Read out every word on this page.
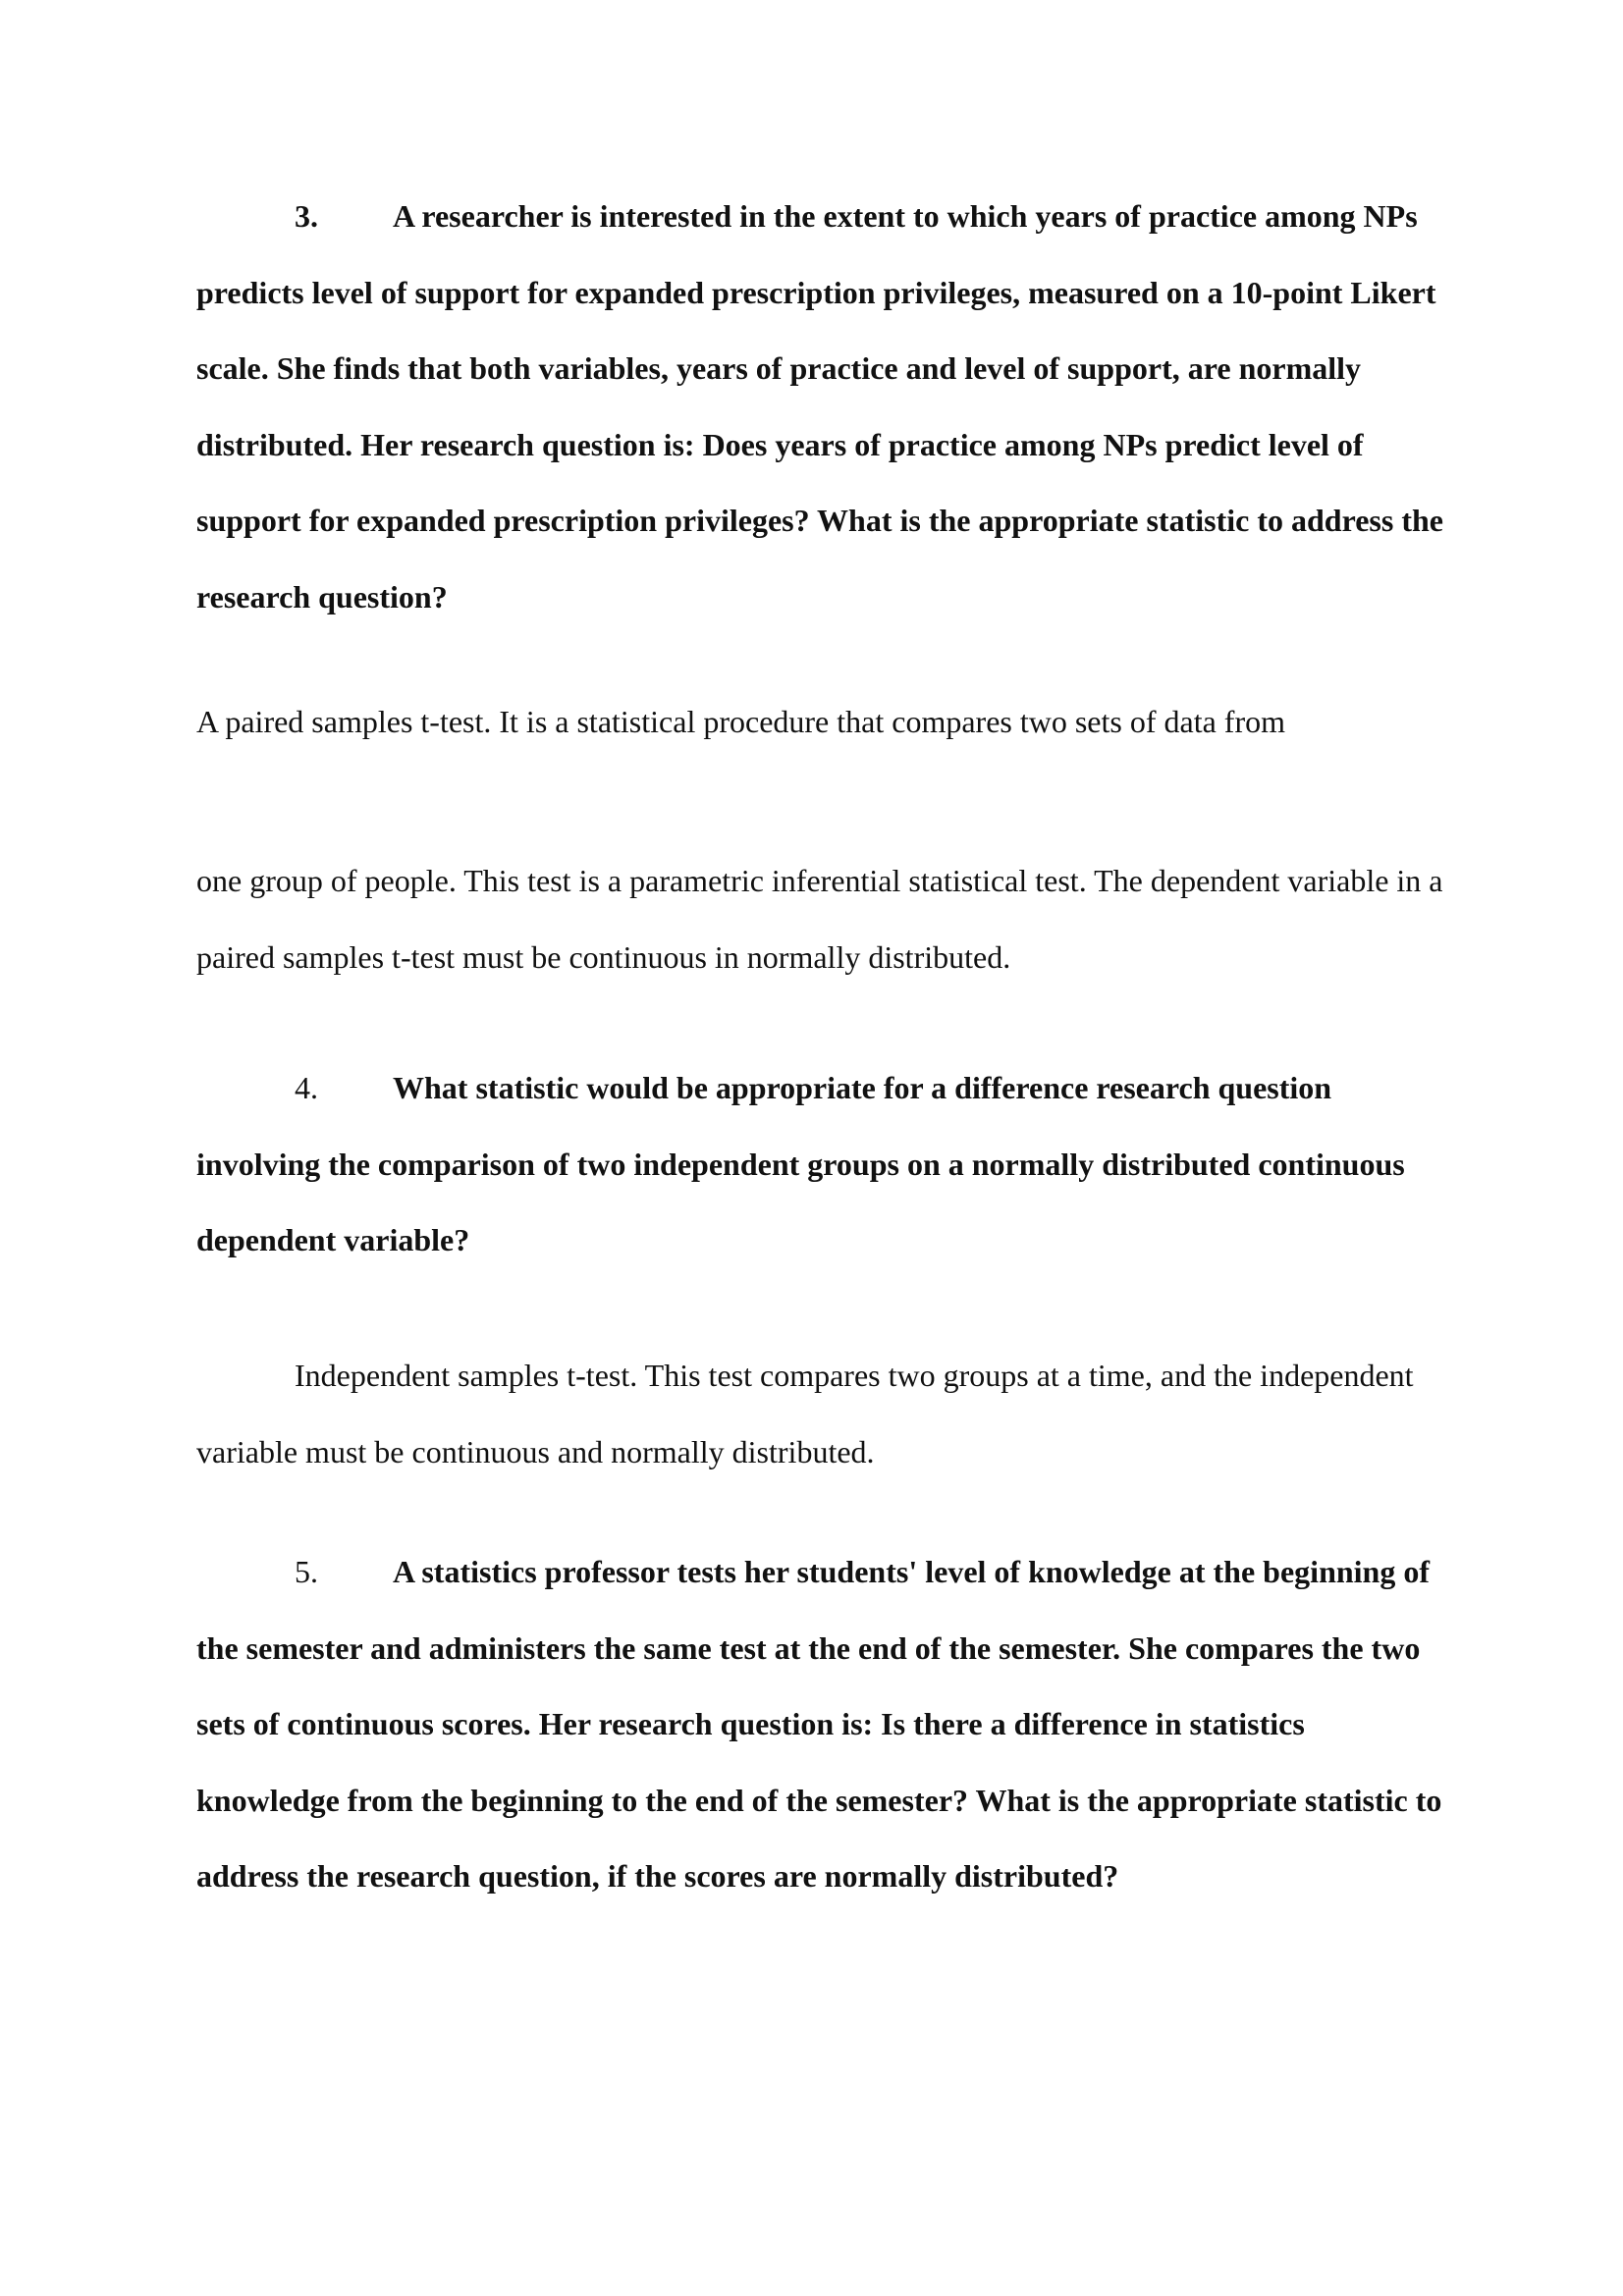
3. A researcher is interested in the extent to which years of practice among NPs predicts level of support for expanded prescription privileges, measured on a 10-point Likert scale. She finds that both variables, years of practice and level of support, are normally distributed. Her research question is: Does years of practice among NPs predict level of support for expanded prescription privileges? What is the appropriate statistic to address the research question?

A paired samples t-test. It is a statistical procedure that compares two sets of data from

one group of people. This test is a parametric inferential statistical test. The dependent variable in a paired samples t-test must be continuous in normally distributed.

4. What statistic would be appropriate for a difference research question involving the comparison of two independent groups on a normally distributed continuous dependent variable?

Independent samples t-test. This test compares two groups at a time, and the independent variable must be continuous and normally distributed.

5. A statistics professor tests her students' level of knowledge at the beginning of the semester and administers the same test at the end of the semester. She compares the two sets of continuous scores. Her research question is: Is there a difference in statistics knowledge from the beginning to the end of the semester? What is the appropriate statistic to address the research question, if the scores are normally distributed?
